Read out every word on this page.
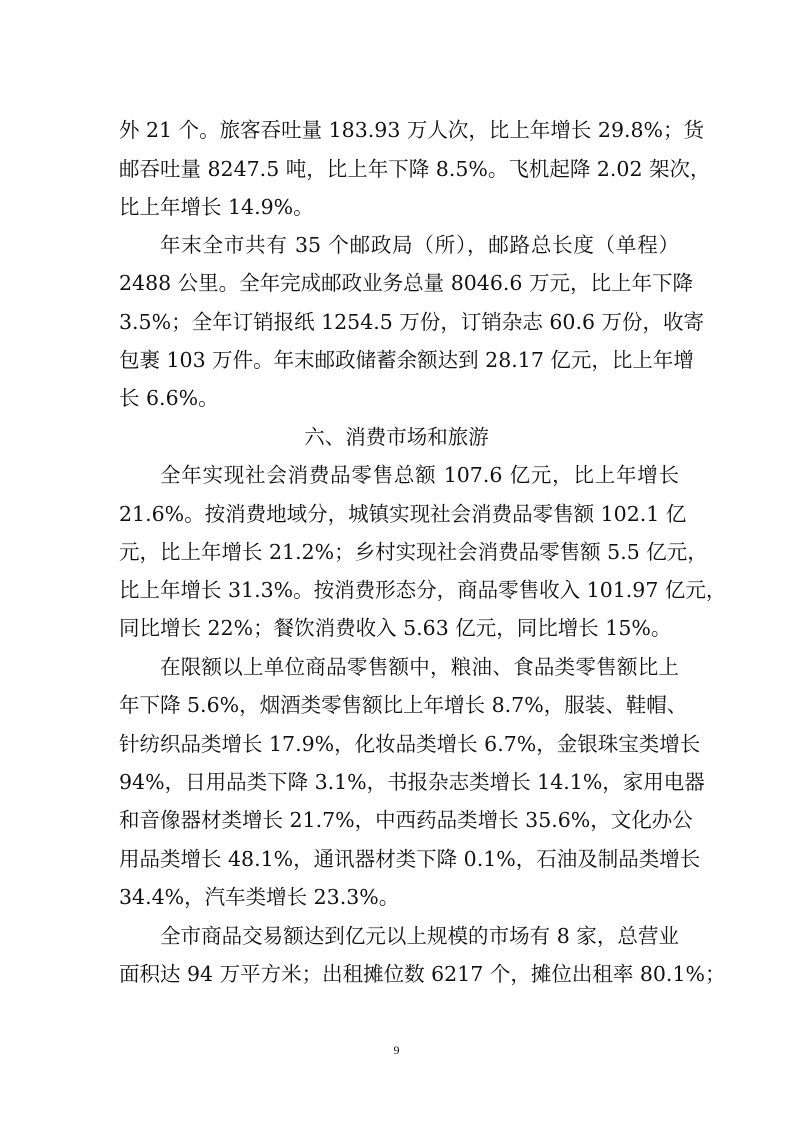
外 21 个。旅客吞吐量 183.93 万人次，比上年增长 29.8%；货
邮吞吐量 8247.5 吨，比上年下降 8.5%。飞机起降 2.02 架次，
比上年增长 14.9%。
年末全市共有 35 个邮政局（所），邮路总长度（单程）
2488 公里。全年完成邮政业务总量 8046.6 万元，比上年下降
3.5%；全年订销报纸 1254.5 万份，订销杂志 60.6 万份，收寄
包裹 103 万件。年末邮政储蓄余额达到 28.17 亿元，比上年增
长 6.6%。
六、消费市场和旅游
全年实现社会消费品零售总额 107.6 亿元，比上年增长
21.6%。按消费地域分，城镇实现社会消费品零售额 102.1 亿
元，比上年增长 21.2%；乡村实现社会消费品零售额 5.5 亿元，
比上年增长 31.3%。按消费形态分，商品零售收入 101.97 亿元，
同比增长 22%；餐饮消费收入 5.63 亿元，同比增长 15%。
在限额以上单位商品零售额中，粮油、食品类零售额比上
年下降 5.6%，烟酒类零售额比上年增长 8.7%，服装、鞋帽、
针纺织品类增长 17.9%，化妆品类增长 6.7%，金银珠宝类增长
94%，日用品类下降 3.1%，书报杂志类增长 14.1%，家用电器
和音像器材类增长 21.7%，中西药品类增长 35.6%，文化办公
用品类增长 48.1%，通讯器材类下降 0.1%，石油及制品类增长
34.4%，汽车类增长 23.3%。
全市商品交易额达到亿元以上规模的市场有 8 家，总营业
面积达 94 万平方米；出租摊位数 6217 个，摊位出租率 80.1%；
9
